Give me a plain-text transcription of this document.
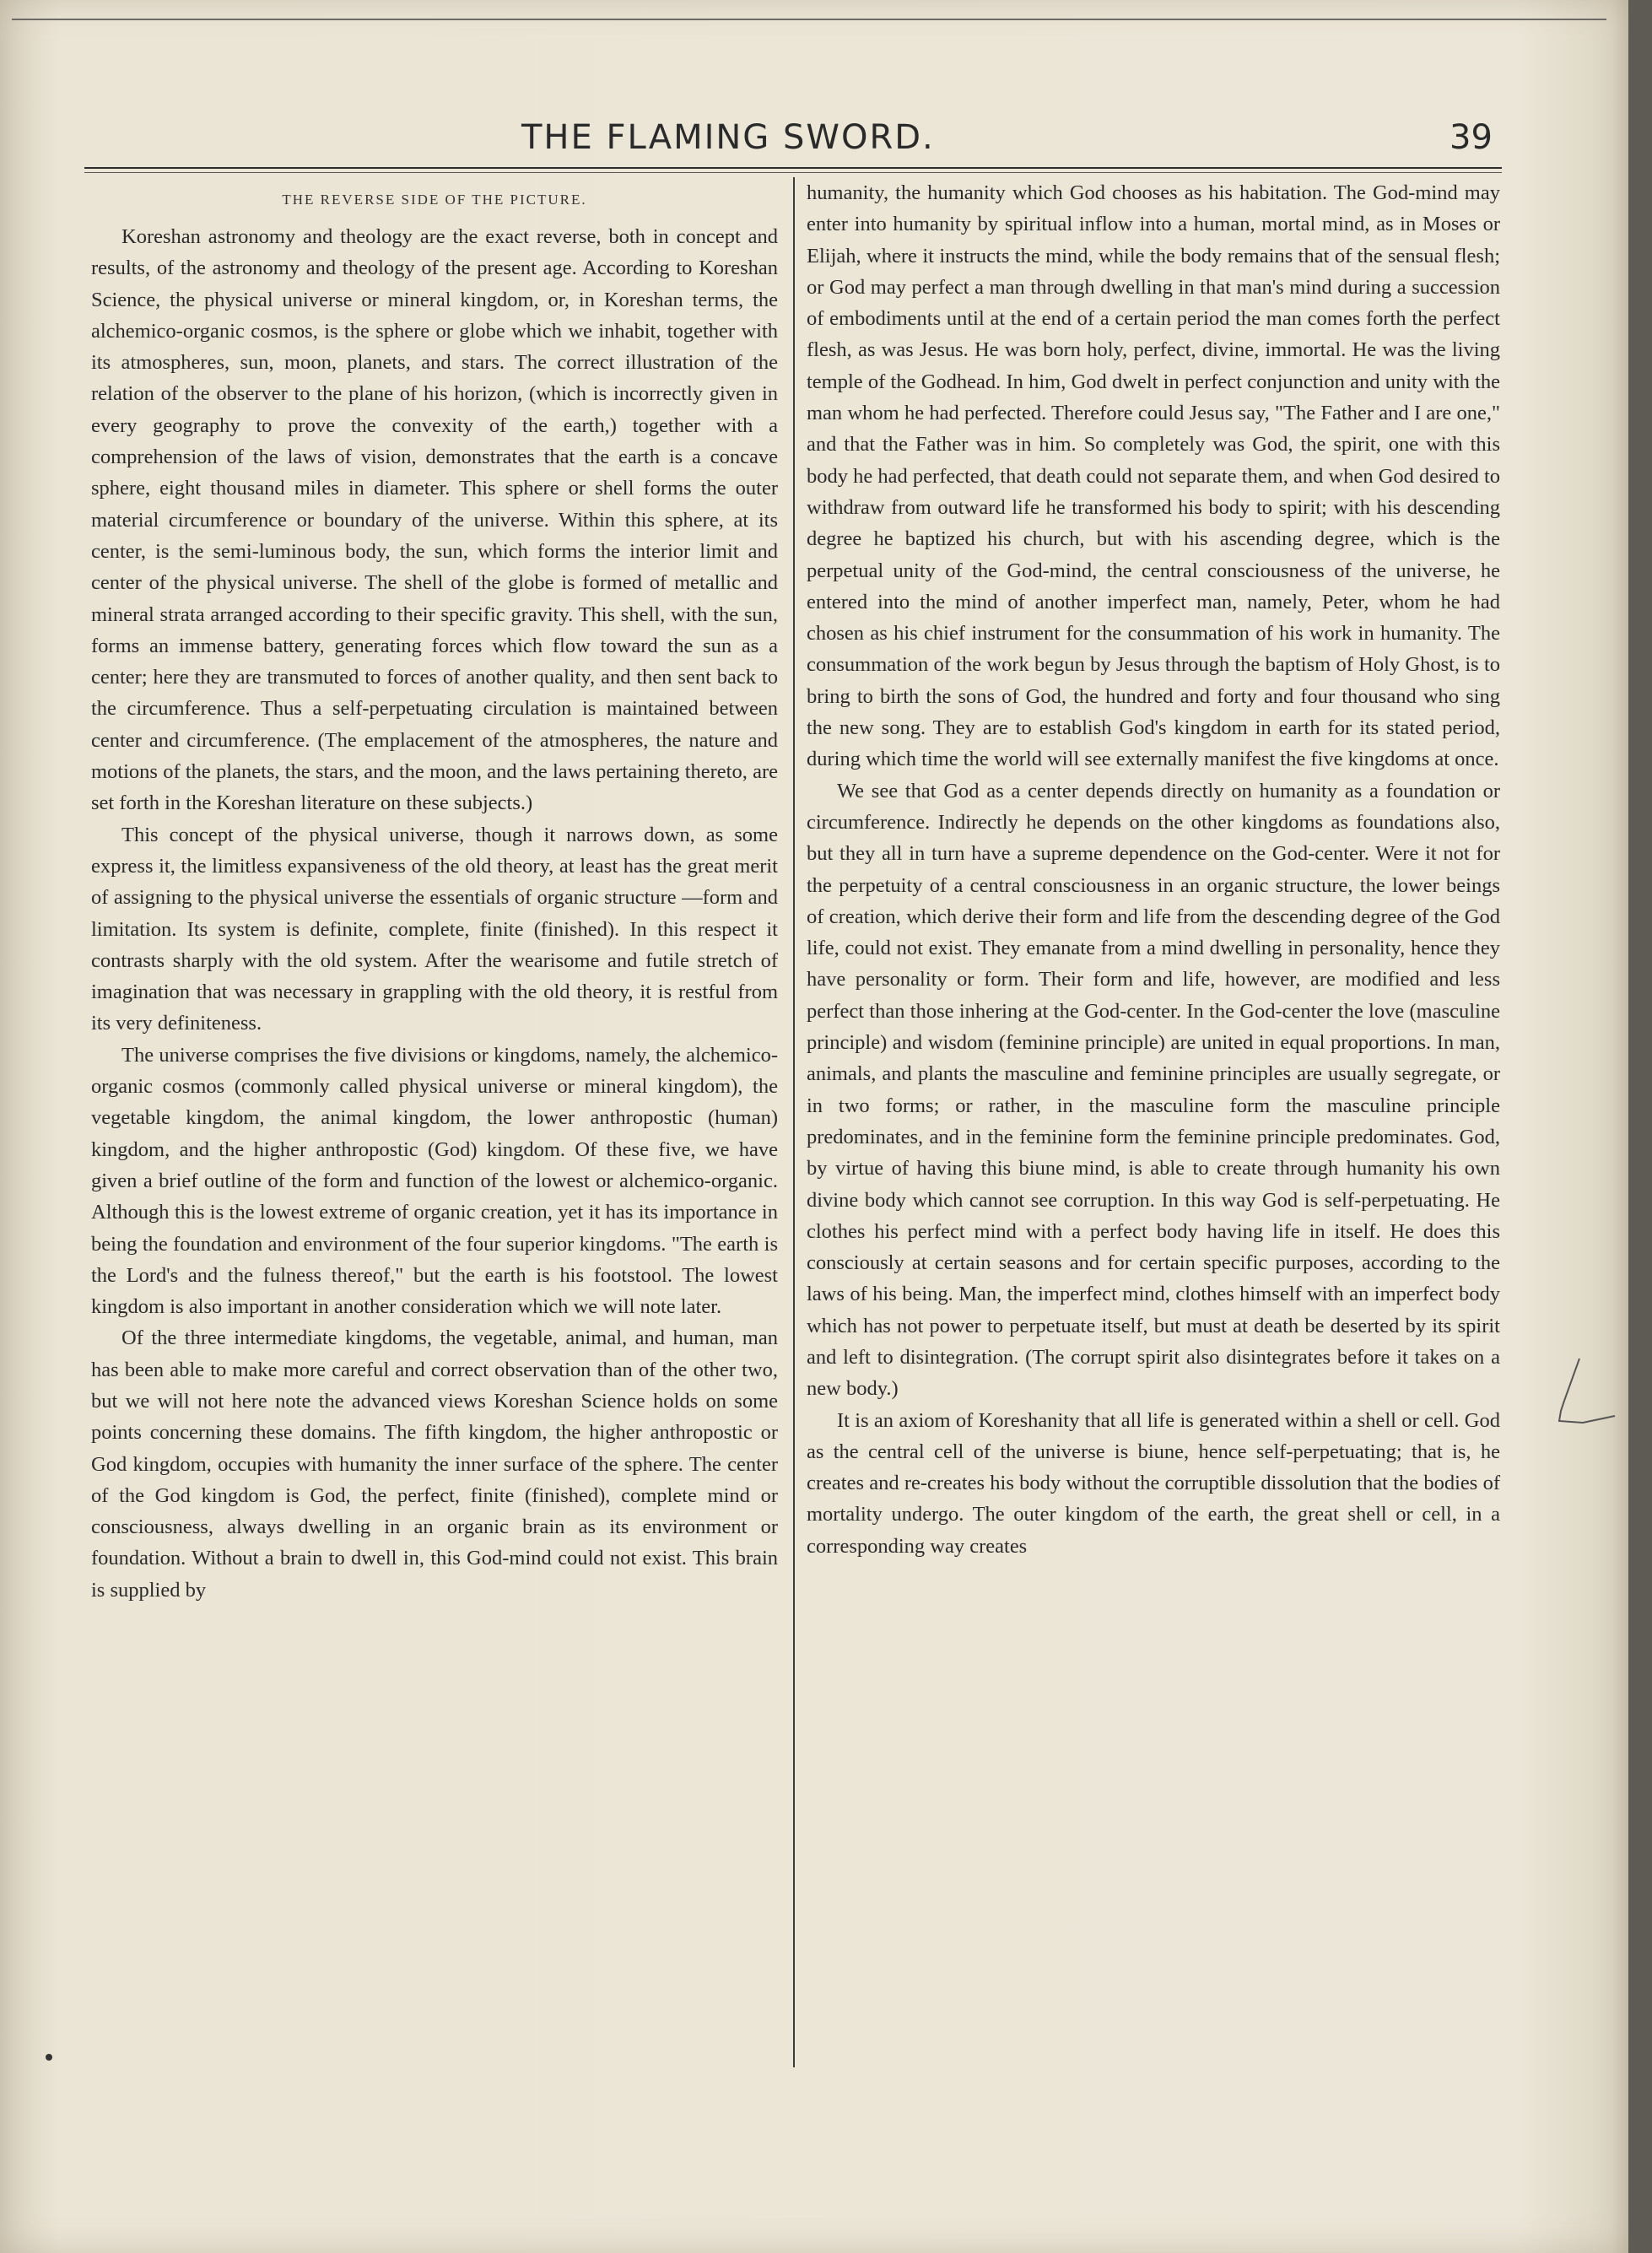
THE FLAMING SWORD.	39
THE REVERSE SIDE OF THE PICTURE.

Koreshan astronomy and theology are the exact reverse, both in concept and results, of the astronomy and theology of the present age. According to Koreshan Science, the physical universe or mineral kingdom, or, in Koreshan terms, the alchemico-organic cosmos, is the sphere or globe which we inhabit, together with its atmospheres, sun, moon, planets, and stars. The correct illustration of the relation of the observer to the plane of his horizon, (which is incorrectly given in every geography to prove the convexity of the earth,) together with a comprehension of the laws of vision, demonstrates that the earth is a concave sphere, eight thousand miles in diameter. This sphere or shell forms the outer material circumference or boundary of the universe. Within this sphere, at its center, is the semi-luminous body, the sun, which forms the interior limit and center of the physical universe. The shell of the globe is formed of metallic and mineral strata arranged according to their specific gravity. This shell, with the sun, forms an immense battery, generating forces which flow toward the sun as a center; here they are transmuted to forces of another quality, and then sent back to the circumference. Thus a self-perpetuating circulation is maintained between center and circumference. (The emplacement of the atmospheres, the nature and motions of the planets, the stars, and the moon, and the laws pertaining thereto, are set forth in the Koreshan literature on these subjects.)

This concept of the physical universe, though it narrows down, as some express it, the limitless expansiveness of the old theory, at least has the great merit of assigning to the physical universe the essentials of organic structure —form and limitation. Its system is definite, complete, finite (finished). In this respect it contrasts sharply with the old system. After the wearisome and futile stretch of imagination that was necessary in grappling with the old theory, it is restful from its very definiteness.

The universe comprises the five divisions or kingdoms, namely, the alchemico-organic cosmos (commonly called physical universe or mineral kingdom), the vegetable kingdom, the animal kingdom, the lower anthropostic (human) kingdom, and the higher anthropostic (God) kingdom. Of these five, we have given a brief outline of the form and function of the lowest or alchemico-organic. Although this is the lowest extreme of organic creation, yet it has its importance in being the foundation and environment of the four superior kingdoms. "The earth is the Lord's and the fulness thereof," but the earth is his footstool. The lowest kingdom is also important in another consideration which we will note later.

Of the three intermediate kingdoms, the vegetable, animal, and human, man has been able to make more careful and correct observation than of the other two, but we will not here note the advanced views Koreshan Science holds on some points concerning these domains. The fifth kingdom, the higher anthropostic or God kingdom, occupies with humanity the inner surface of the sphere. The center of the God kingdom is God, the perfect, finite (finished), complete mind or consciousness, always dwelling in an organic brain as its environment or foundation. Without a brain to dwell in, this God-mind could not exist. This brain is supplied by

humanity, the humanity which God chooses as his habitation. The God-mind may enter into humanity by spiritual inflow into a human, mortal mind, as in Moses or Elijah, where it instructs the mind, while the body remains that of the sensual flesh; or God may perfect a man through dwelling in that man's mind during a succession of embodiments until at the end of a certain period the man comes forth the perfect flesh, as was Jesus. He was born holy, perfect, divine, immortal. He was the living temple of the Godhead. In him, God dwelt in perfect conjunction and unity with the man whom he had perfected. Therefore could Jesus say, "The Father and I are one," and that the Father was in him. So completely was God, the spirit, one with this body he had perfected, that death could not separate them, and when God desired to withdraw from outward life he transformed his body to spirit; with his descending degree he baptized his church, but with his ascending degree, which is the perpetual unity of the God-mind, the central consciousness of the universe, he entered into the mind of another imperfect man, namely, Peter, whom he had chosen as his chief instrument for the consummation of his work in humanity. The consummation of the work begun by Jesus through the baptism of Holy Ghost, is to bring to birth the sons of God, the hundred and forty and four thousand who sing the new song. They are to establish God's kingdom in earth for its stated period, during which time the world will see externally manifest the five kingdoms at once.

We see that God as a center depends directly on humanity as a foundation or circumference. Indirectly he depends on the other kingdoms as foundations also, but they all in turn have a supreme dependence on the God-center. Were it not for the perpetuity of a central consciousness in an organic structure, the lower beings of creation, which derive their form and life from the descending degree of the God life, could not exist. They emanate from a mind dwelling in personality, hence they have personality or form. Their form and life, however, are modified and less perfect than those inhering at the God-center. In the God-center the love (masculine principle) and wisdom (feminine principle) are united in equal proportions. In man, animals, and plants the masculine and feminine principles are usually segregate, or in two forms; or rather, in the masculine form the masculine principle predominates, and in the feminine form the feminine principle predominates. God, by virtue of having this biune mind, is able to create through humanity his own divine body which cannot see corruption. In this way God is self-perpetuating. He clothes his perfect mind with a perfect body having life in itself. He does this consciously at certain seasons and for certain specific purposes, according to the laws of his being. Man, the imperfect mind, clothes himself with an imperfect body which has not power to perpetuate itself, but must at death be deserted by its spirit and left to disintegration. (The corrupt spirit also disintegrates before it takes on a new body.)

It is an axiom of Koreshanity that all life is generated within a shell or cell. God as the central cell of the universe is biune, hence self-perpetuating; that is, he creates and re-creates his body without the corruptible dissolution that the bodies of mortality undergo. The outer kingdom of the earth, the great shell or cell, in a corresponding way creates
